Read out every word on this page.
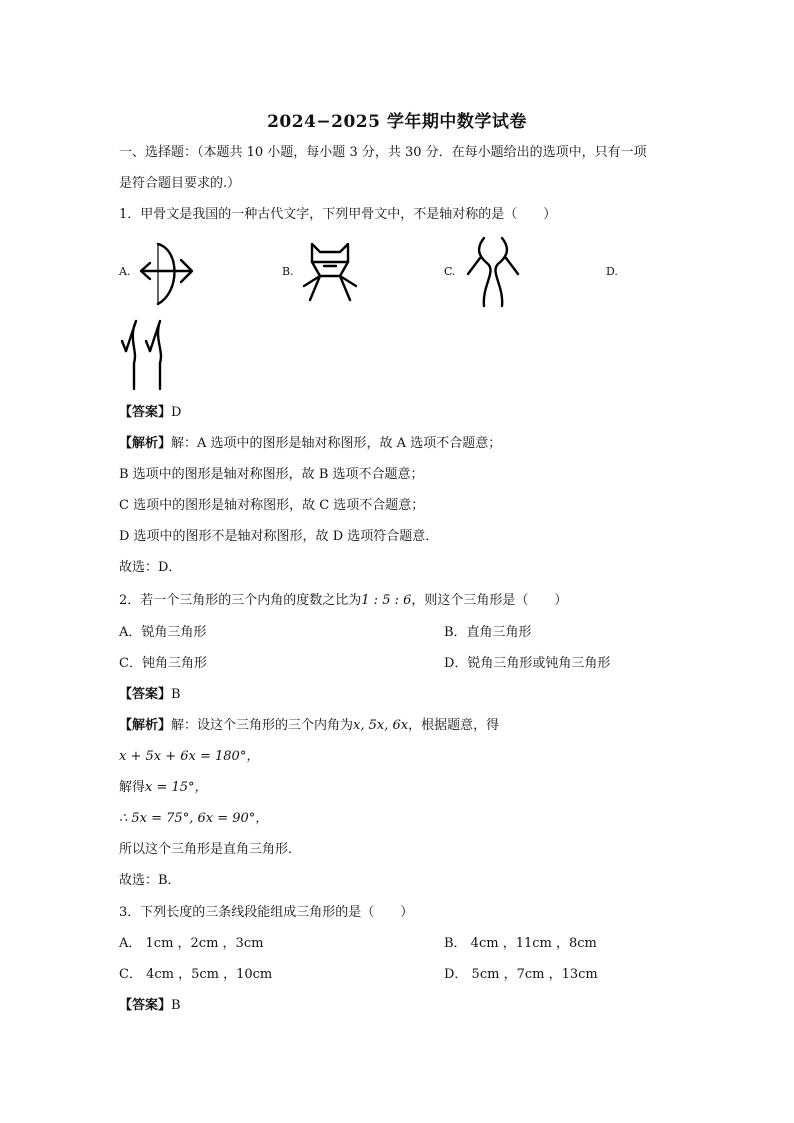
2024−2025 学年期中数学试卷
一、选择题：（本题共 10 小题，每小题 3 分，共 30 分．在每小题给出的选项中，只有一项
是符合题目要求的.）
1．甲骨文是我国的一种古代文字，下列甲骨文中，不是轴对称的是（　　）
A.	B.	C.	D.
【答案】D
【解析】解：A 选项中的图形是轴对称图形，故 A 选项不合题意；
B 选项中的图形是轴对称图形，故 B 选项不合题意；
C 选项中的图形是轴对称图形，故 C 选项不合题意；
D 选项中的图形不是轴对称图形，故 D 选项符合题意．
故选：D．
2．若一个三角形的三个内角的度数之比为1 : 5 : 6，则这个三角形是（　　）
A．锐角三角形	B．直角三角形
C．钝角三角形	D．锐角三角形或钝角三角形
【答案】B
【解析】解：设这个三角形的三个内角为x, 5x, 6x，根据题意，得
x + 5x + 6x = 180°，
解得x = 15°，
∴ 5x = 75°, 6x = 90°，
所以这个三角形是直角三角形．
故选：B．
3．下列长度的三条线段能组成三角形的是（　　）
A． 1cm ，2cm ，3cm	B． 4cm ，11cm ，8cm
C． 4cm ，5cm ，10cm	D． 5cm ，7cm ，13cm
【答案】B
